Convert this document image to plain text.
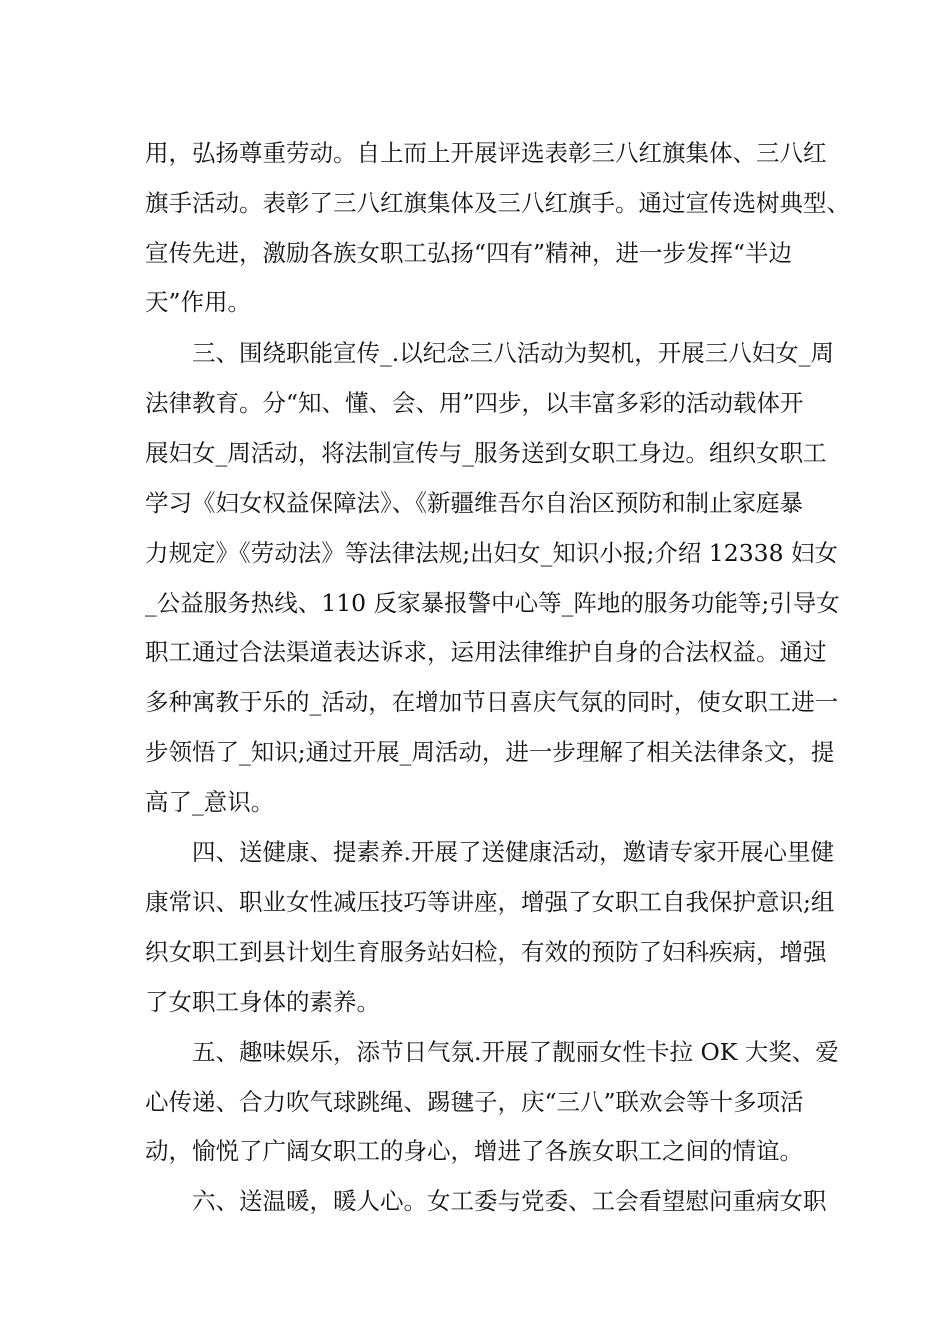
用，弘扬尊重劳动。自上而上开展评选表彰三八红旗集体、三八红
旗手活动。表彰了三八红旗集体及三八红旗手。通过宣传选树典型、
宣传先进，激励各族女职工弘扬“四有”精神，进一步发挥“半边
天”作用。
三、围绕职能宣传_.以纪念三八活动为契机，开展三八妇女_周
法律教育。分“知、懂、会、用”四步，以丰富多彩的活动载体开
展妇女_周活动，将法制宣传与_服务送到女职工身边。组织女职工
学习《妇女权益保障法》、《新疆维吾尔自治区预防和制止家庭暴
力规定》《劳动法》等法律法规;出妇女_知识小报;介绍 12338 妇女
_公益服务热线、110 反家暴报警中心等_阵地的服务功能等;引导女
职工通过合法渠道表达诉求，运用法律维护自身的合法权益。通过
多种寓教于乐的_活动，在增加节日喜庆气氛的同时，使女职工进一
步领悟了_知识;通过开展_周活动，进一步理解了相关法律条文，提
高了_意识。
四、送健康、提素养.开展了送健康活动，邀请专家开展心里健
康常识、职业女性减压技巧等讲座，增强了女职工自我保护意识;组
织女职工到县计划生育服务站妇检，有效的预防了妇科疾病，增强
了女职工身体的素养。
五、趣味娱乐，添节日气氛.开展了靓丽女性卡拉 OK 大奖、爱
心传递、合力吹气球跳绳、踢毽子，庆“三八”联欢会等十多项活
动，愉悦了广阔女职工的身心，增进了各族女职工之间的情谊。
六、送温暖，暖人心。女工委与党委、工会看望慰问重病女职
